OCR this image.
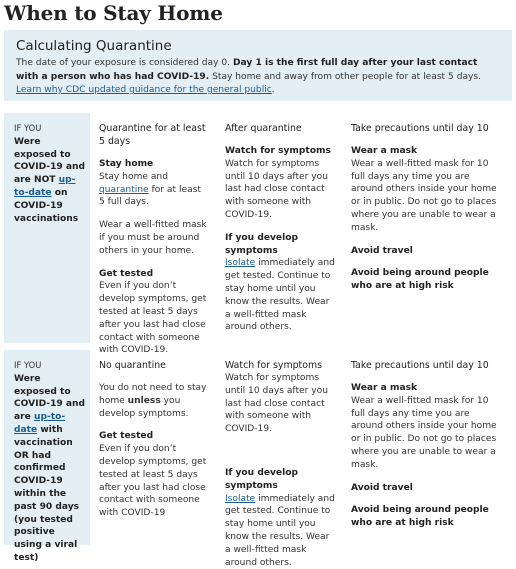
When to Stay Home
Calculating Quarantine

The date of your exposure is considered day 0. Day 1 is the first full day after your last contact with a person who has had COVID-19. Stay home and away from other people for at least 5 days. Learn why CDC updated guidance for the general public.

IF YOU
Were exposed to COVID-19 and are NOT up-to-date on COVID-19 vaccinations
Quarantine for at least 5 days
Stay home
Stay home and quarantine for at least 5 full days.
Wear a well-fitted mask if you must be around others in your home.
Get tested
Even if you don’t develop symptoms, get tested at least 5 days after you last had close contact with someone with COVID-19.
After quarantine
Watch for symptoms
Watch for symptoms until 10 days after you last had close contact with someone with COVID-19.
If you develop symptoms
Isolate immediately and get tested. Continue to stay home until you know the results. Wear a well-fitted mask around others.
Take precautions until day 10
Wear a mask
Wear a well-fitted mask for 10 full days any time you are around others inside your home or in public. Do not go to places where you are unable to wear a mask.
Avoid travel
Avoid being around people who are at high risk
IF YOU
Were exposed to COVID-19 and are up-to-date with vaccination OR had confirmed COVID-19 within the past 90 days (you tested positive using a viral test)
No quarantine
You do not need to stay home unless you develop symptoms.
Get tested
Even if you don’t develop symptoms, get tested at least 5 days after you last had close contact with someone with COVID-19
Watch for symptoms
Watch for symptoms until 10 days after you last had close contact with someone with COVID-19.
If you develop symptoms
Isolate immediately and get tested. Continue to stay home until you know the results. Wear a well-fitted mask around others.
Take precautions until day 10
Wear a mask
Wear a well-fitted mask for 10 full days any time you are around others inside your home or in public. Do not go to places where you are unable to wear a mask.
Avoid travel
Avoid being around people who are at high risk
